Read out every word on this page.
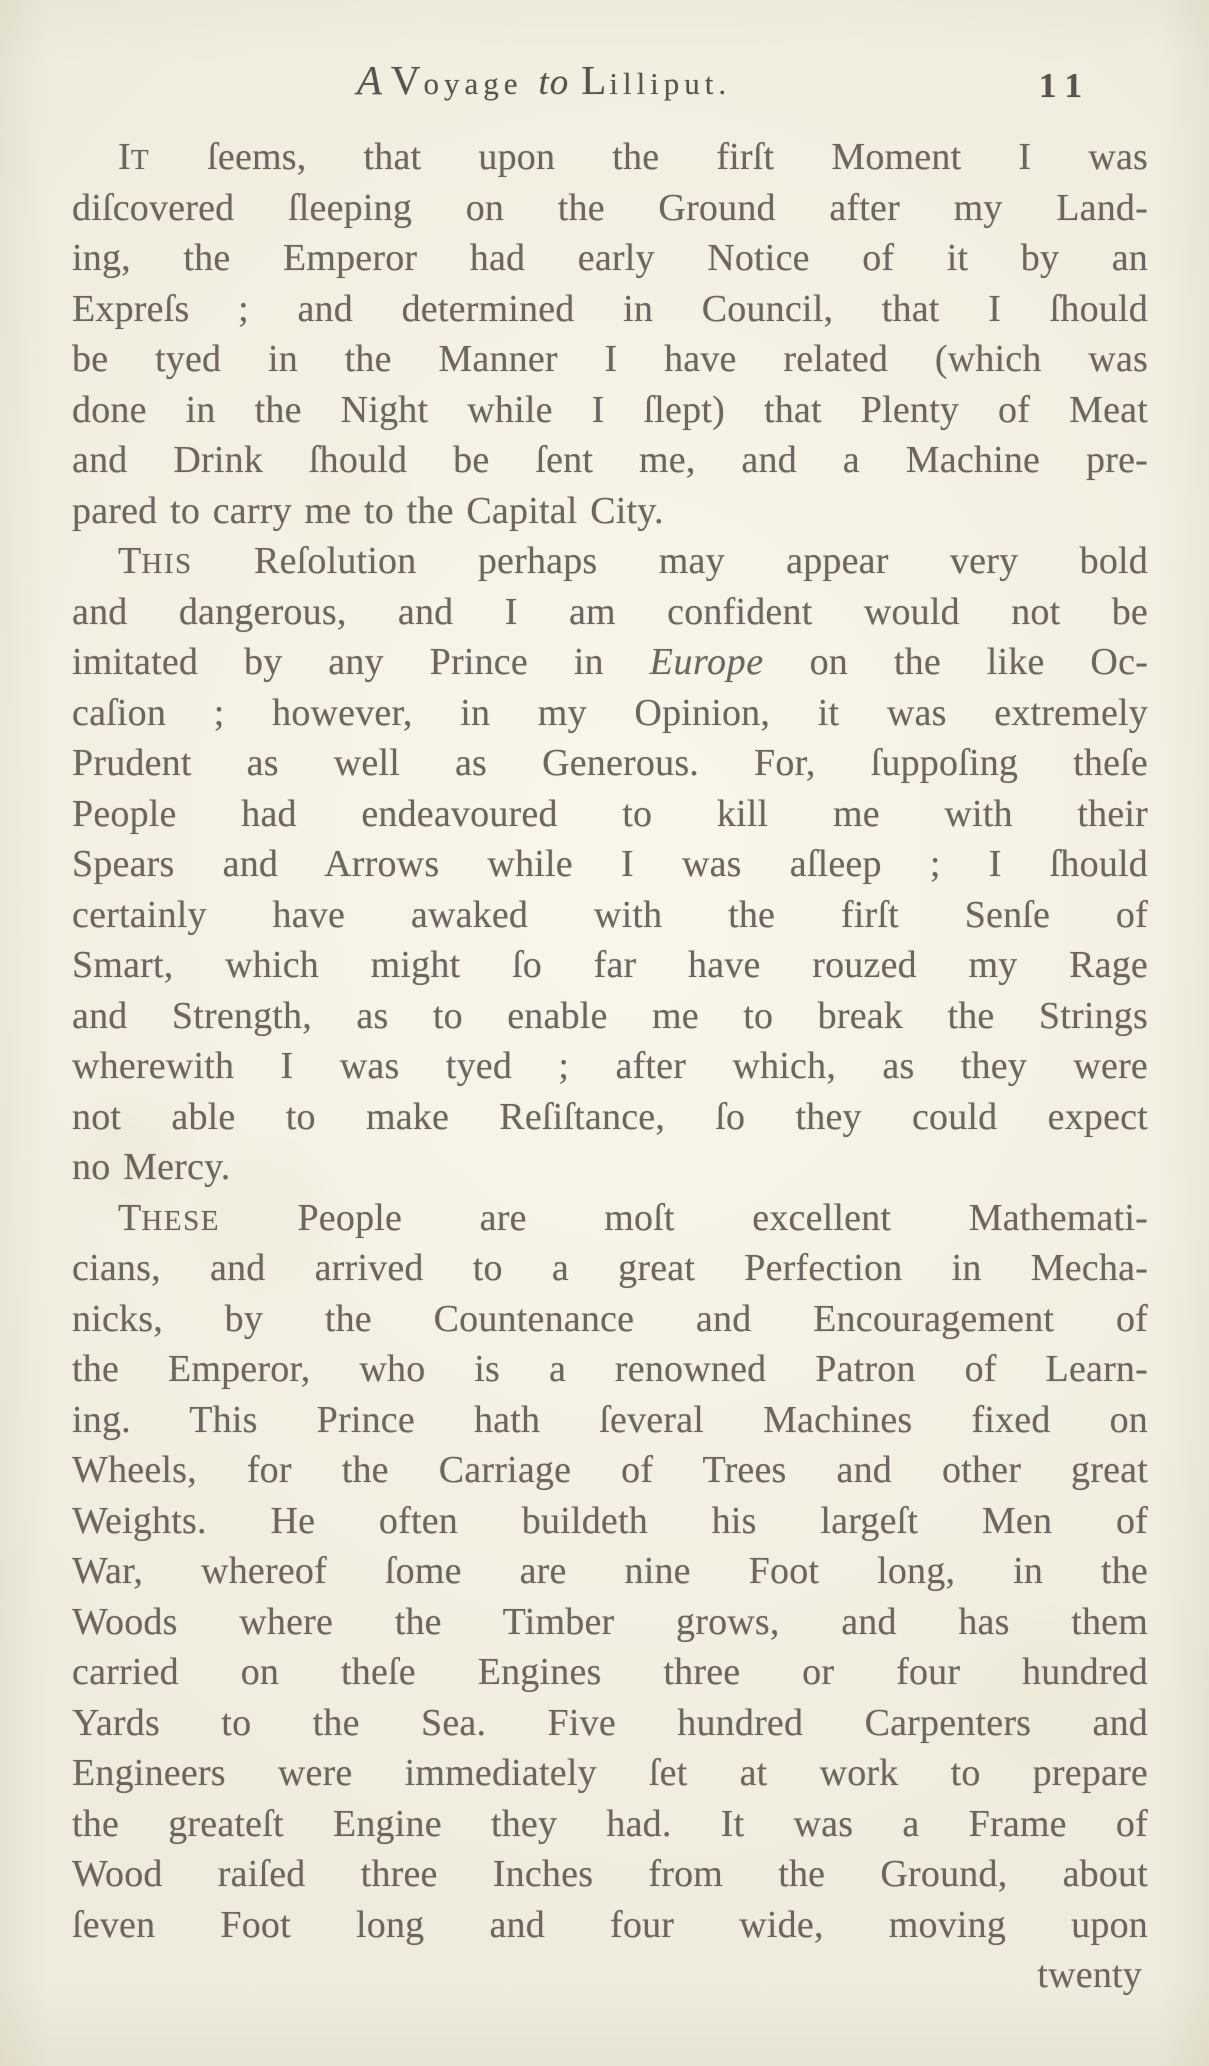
A Voyage to Lilliput.	11
IT ſeems, that upon the firſt Moment I was
diſcovered ſleeping on the Ground after my Land-
ing, the Emperor had early Notice of it by an
Expreſs ; and determined in Council, that I ſhould
be tyed in the Manner I have related (which was
done in the Night while I ſlept) that Plenty of Meat
and Drink ſhould be ſent me, and a Machine pre-
pared to carry me to the Capital City.
THIS Reſolution perhaps may appear very bold
and dangerous, and I am confident would not be
imitated by any Prince in Europe on the like Oc-
caſion ; however, in my Opinion, it was extremely
Prudent as well as Generous. For, ſuppoſing theſe
People had endeavoured to kill me with their
Spears and Arrows while I was aſleep ; I ſhould
certainly have awaked with the firſt Senſe of
Smart, which might ſo far have rouzed my Rage
and Strength, as to enable me to break the Strings
wherewith I was tyed ; after which, as they were
not able to make Reſiſtance, ſo they could expect
no Mercy.
THESE People are moſt excellent Mathemati-
cians, and arrived to a great Perfection in Mecha-
nicks, by the Countenance and Encouragement of
the Emperor, who is a renowned Patron of Learn-
ing. This Prince hath ſeveral Machines fixed on
Wheels, for the Carriage of Trees and other great
Weights. He often buildeth his largeſt Men of
War, whereof ſome are nine Foot long, in the
Woods where the Timber grows, and has them
carried on theſe Engines three or four hundred
Yards to the Sea. Five hundred Carpenters and
Engineers were immediately ſet at work to prepare
the greateſt Engine they had. It was a Frame of
Wood raiſed three Inches from the Ground, about
ſeven Foot long and four wide, moving upon
twenty
